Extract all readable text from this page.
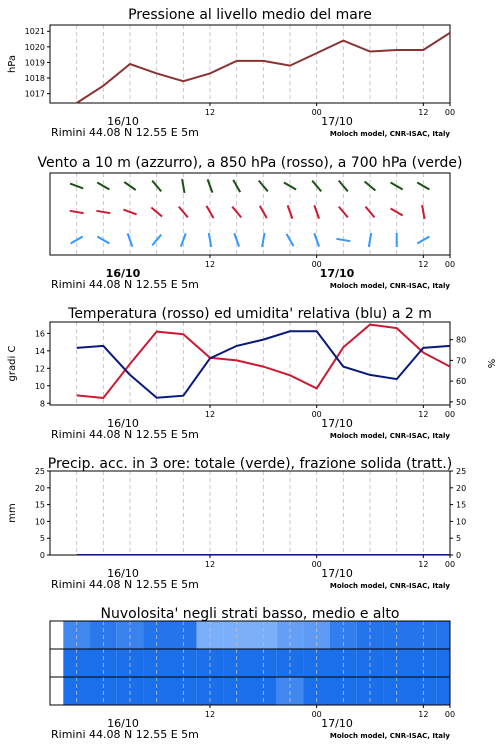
12	00	12 00
16/10	17/10
Rimini 44.08 N 12.55 E 5m	Moloch model, CNR-ISAC, Italy
Pressione al livello medio del mare
1017
1018
1019
1020
1021
hPa
12	00	12 00
16/10	17/10
Rimini 44.08 N 12.55 E 5m	Moloch model, CNR-ISAC, Italy
Vento a 10 m (azzurro), a 850 hPa (rosso), a 700 hPa (verde)
12	00	12 00
16/10	17/10
Rimini 44.08 N 12.55 E 5m	Moloch model, CNR-ISAC, Italy
Temperatura (rosso) ed umidita' relativa (blu) a 2 m
8
10
12
14
16
50
60
70
80
gradi C	%
12	00	12 00
16/10	17/10
Rimini 44.08 N 12.55 E 5m	Moloch model, CNR-ISAC, Italy
Precip. acc. in 3 ore: totale (verde), frazione solida (tratt.)
0	0
5	5
10	10
15	15
20	20
25	25
mm
12	00	12 00
16/10	17/10
Rimini 44.08 N 12.55 E 5m	Moloch model, CNR-ISAC, Italy
Nuvolosita' negli strati basso, medio e alto
